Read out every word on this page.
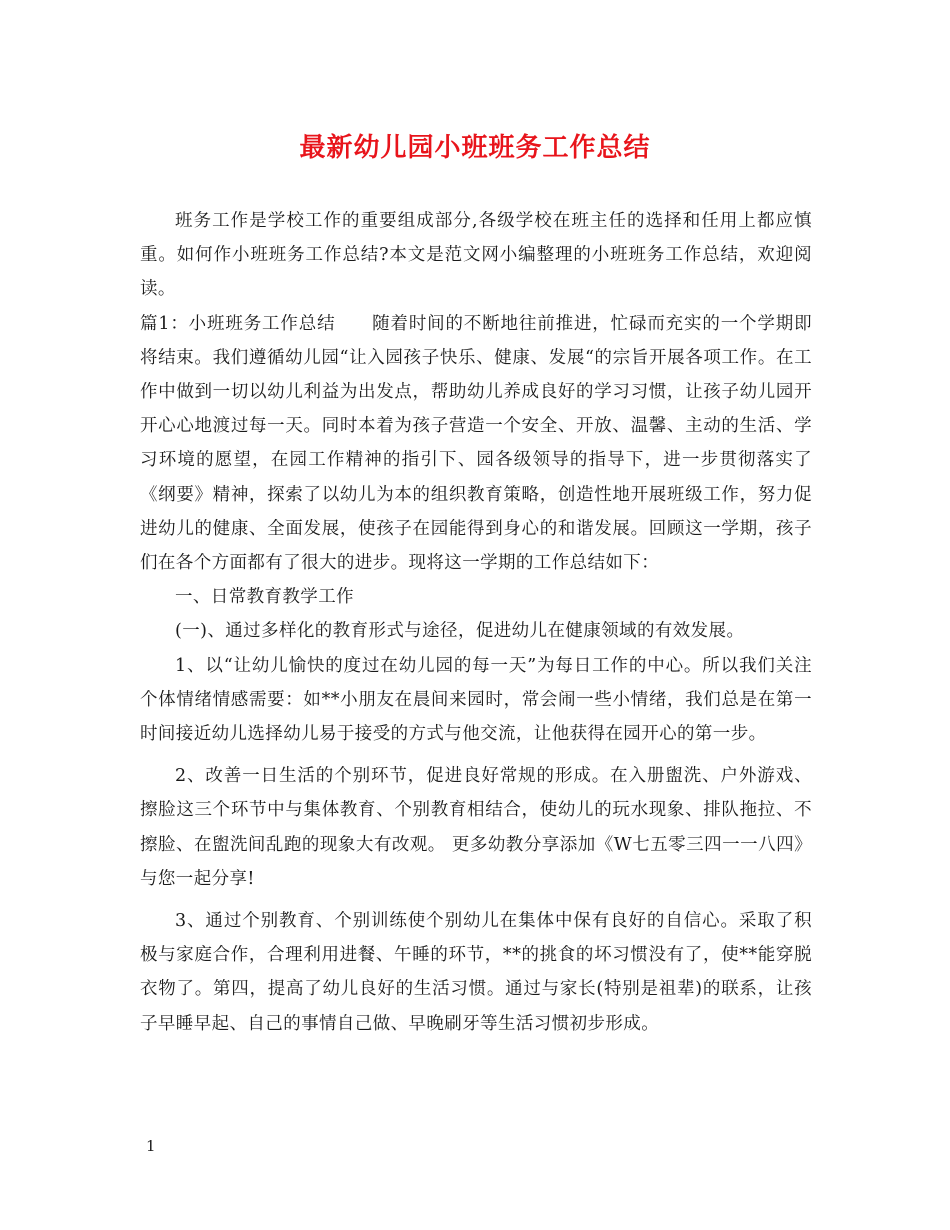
最新幼儿园小班班务工作总结

班务工作是学校工作的重要组成部分,各级学校在班主任的选择和任用上都应慎重。如何作小班班务工作总结?本文是范文网小编整理的小班班务工作总结，欢迎阅读。

篇1：小班班务工作总结　　随着时间的不断地往前推进，忙碌而充实的一个学期即将结束。我们遵循幼儿园“让入园孩子快乐、健康、发展“的宗旨开展各项工作。在工作中做到一切以幼儿利益为出发点，帮助幼儿养成良好的学习习惯，让孩子幼儿园开开心心地渡过每一天。同时本着为孩子营造一个安全、开放、温馨、主动的生活、学习环境的愿望，在园工作精神的指引下、园各级领导的指导下，进一步贯彻落实了《纲要》精神，探索了以幼儿为本的组织教育策略，创造性地开展班级工作，努力促进幼儿的健康、全面发展，使孩子在园能得到身心的和谐发展。回顾这一学期，孩子们在各个方面都有了很大的进步。现将这一学期的工作总结如下：

一、日常教育教学工作

(一)、通过多样化的教育形式与途径，促进幼儿在健康领域的有效发展。

1、以“让幼儿愉快的度过在幼儿园的每一天”为每日工作的中心。所以我们关注个体情绪情感需要：如**小朋友在晨间来园时，常会闹一些小情绪，我们总是在第一时间接近幼儿选择幼儿易于接受的方式与他交流，让他获得在园开心的第一步。

2、改善一日生活的个别环节，促进良好常规的形成。在入册盥洗、户外游戏、擦脸这三个环节中与集体教育、个别教育相结合，使幼儿的玩水现象、排队拖拉、不擦脸、在盥洗间乱跑的现象大有改观。 更多幼教分享添加《W七五零三四一一八四》与您一起分享!

3、通过个别教育、个别训练使个别幼儿在集体中保有良好的自信心。采取了积极与家庭合作，合理利用进餐、午睡的环节，**的挑食的坏习惯没有了，使**能穿脱衣物了。第四，提高了幼儿良好的生活习惯。通过与家长(特别是祖辈)的联系，让孩子早睡早起、自己的事情自己做、早晚刷牙等生活习惯初步形成。

1
